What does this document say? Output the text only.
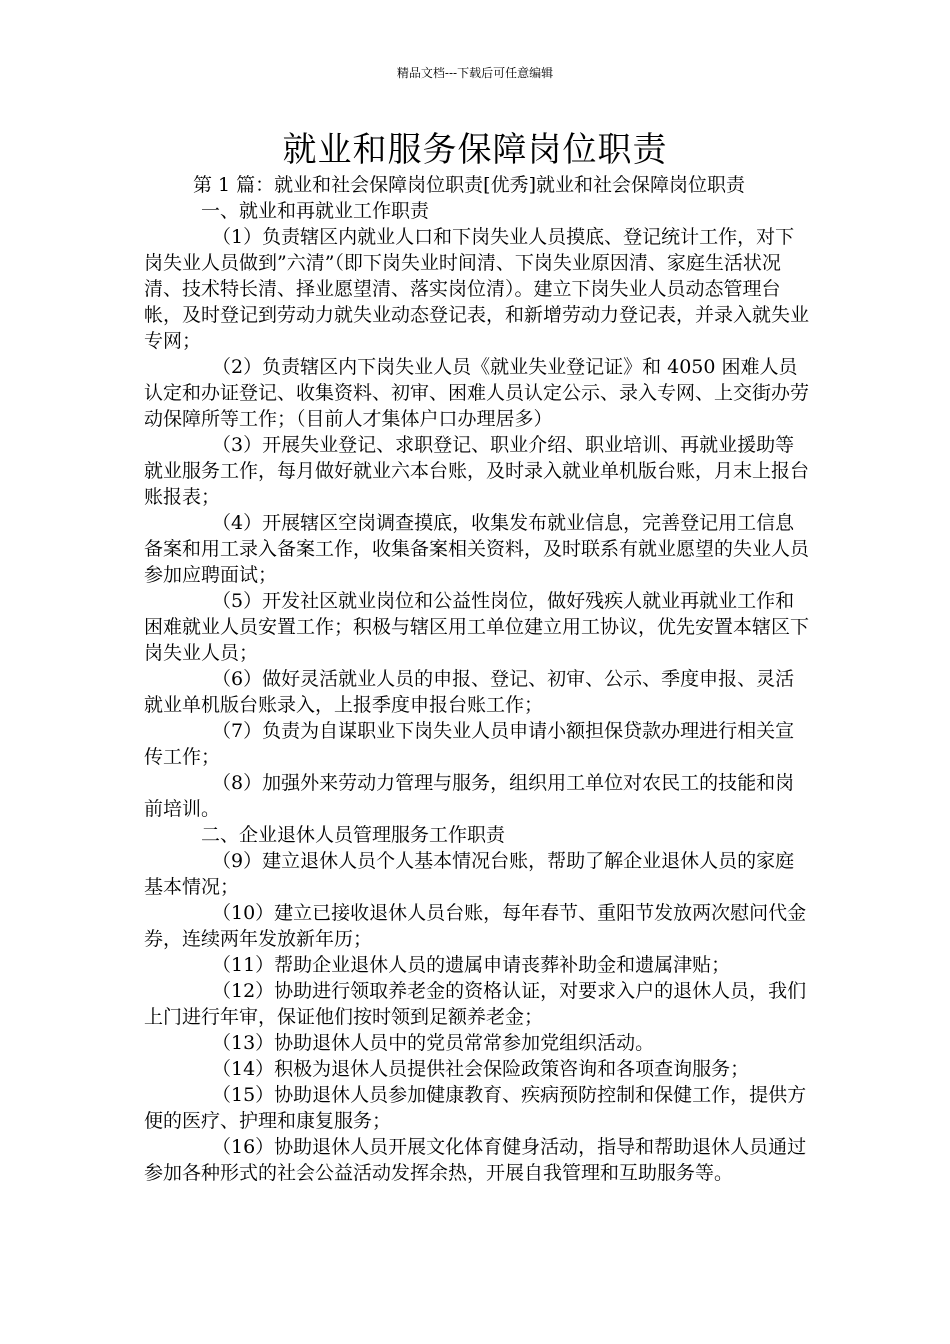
精品文档---下载后可任意编辑
就业和服务保障岗位职责

第 1 篇：就业和社会保障岗位职责[优秀]就业和社会保障岗位职责

一、就业和再就业工作职责

（1）负责辖区内就业人口和下岗失业人员摸底、登记统计工作，对下岗失业人员做到”六清”（即下岗失业时间清、下岗失业原因清、家庭生活状况清、技术特长清、择业愿望清、落实岗位清）。建立下岗失业人员动态管理台帐，及时登记到劳动力就失业动态登记表，和新增劳动力登记表，并录入就失业专网；

（2）负责辖区内下岗失业人员《就业失业登记证》和 4050 困难人员认定和办证登记、收集资料、初审、困难人员认定公示、录入专网、上交街办劳动保障所等工作；（目前人才集体户口办理居多）

（3）开展失业登记、求职登记、职业介绍、职业培训、再就业援助等就业服务工作，每月做好就业六本台账，及时录入就业单机版台账，月末上报台账报表；

（4）开展辖区空岗调查摸底，收集发布就业信息，完善登记用工信息备案和用工录入备案工作，收集备案相关资料，及时联系有就业愿望的失业人员参加应聘面试；

（5）开发社区就业岗位和公益性岗位，做好残疾人就业再就业工作和困难就业人员安置工作；积极与辖区用工单位建立用工协议，优先安置本辖区下岗失业人员；

（6）做好灵活就业人员的申报、登记、初审、公示、季度申报、灵活就业单机版台账录入，上报季度申报台账工作；

（7）负责为自谋职业下岗失业人员申请小额担保贷款办理进行相关宣传工作；

（8）加强外来劳动力管理与服务，组织用工单位对农民工的技能和岗前培训。

二、企业退休人员管理服务工作职责

（9）建立退休人员个人基本情况台账，帮助了解企业退休人员的家庭基本情况；

（10）建立已接收退休人员台账，每年春节、重阳节发放两次慰问代金券，连续两年发放新年历；

（11）帮助企业退休人员的遗属申请丧葬补助金和遗属津贴；

（12）协助进行领取养老金的资格认证，对要求入户的退休人员，我们上门进行年审，保证他们按时领到足额养老金；

（13）协助退休人员中的党员常常参加党组织活动。

（14）积极为退休人员提供社会保险政策咨询和各项查询服务；

（15）协助退休人员参加健康教育、疾病预防控制和保健工作，提供方便的医疗、护理和康复服务；

（16）协助退休人员开展文化体育健身活动，指导和帮助退休人员通过参加各种形式的社会公益活动发挥余热，开展自我管理和互助服务等。
